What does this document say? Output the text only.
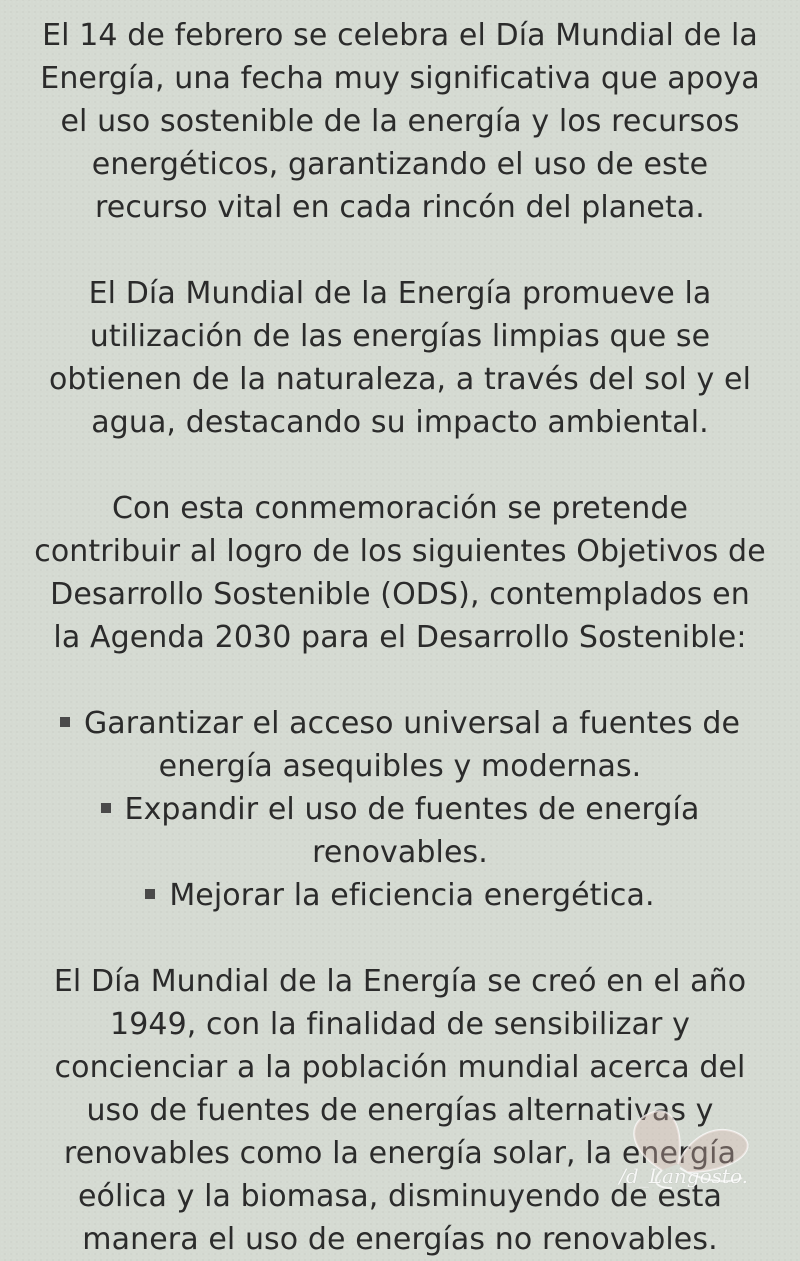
El 14 de febrero se celebra el Día Mundial de la
Energía, una fecha muy significativa que apoya
el uso sostenible de la energía y los recursos
energéticos, garantizando el uso de este
recurso vital en cada rincón del planeta.

El Día Mundial de la Energía promueve la
utilización de las energías limpias que se
obtienen de la naturaleza, a través del sol y el
agua, destacando su impacto ambiental.

Con esta conmemoración se pretende
contribuir al logro de los siguientes Objetivos de
Desarrollo Sostenible (ODS), contemplados en
la Agenda 2030 para el Desarrollo Sostenible:

Garantizar el acceso universal a fuentes de
energía asequibles y modernas.
Expandir el uso de fuentes de energía
renovables.
Mejorar la eficiencia energética.

El Día Mundial de la Energía se creó en el año
1949, con la finalidad de sensibilizar y
concienciar a la población mundial acerca del
uso de fuentes de energías alternativas y
renovables como la energía solar, la energía
eólica y la biomasa, disminuyendo de esta
manera el uso de energías no renovables.

/d_Langosto.
